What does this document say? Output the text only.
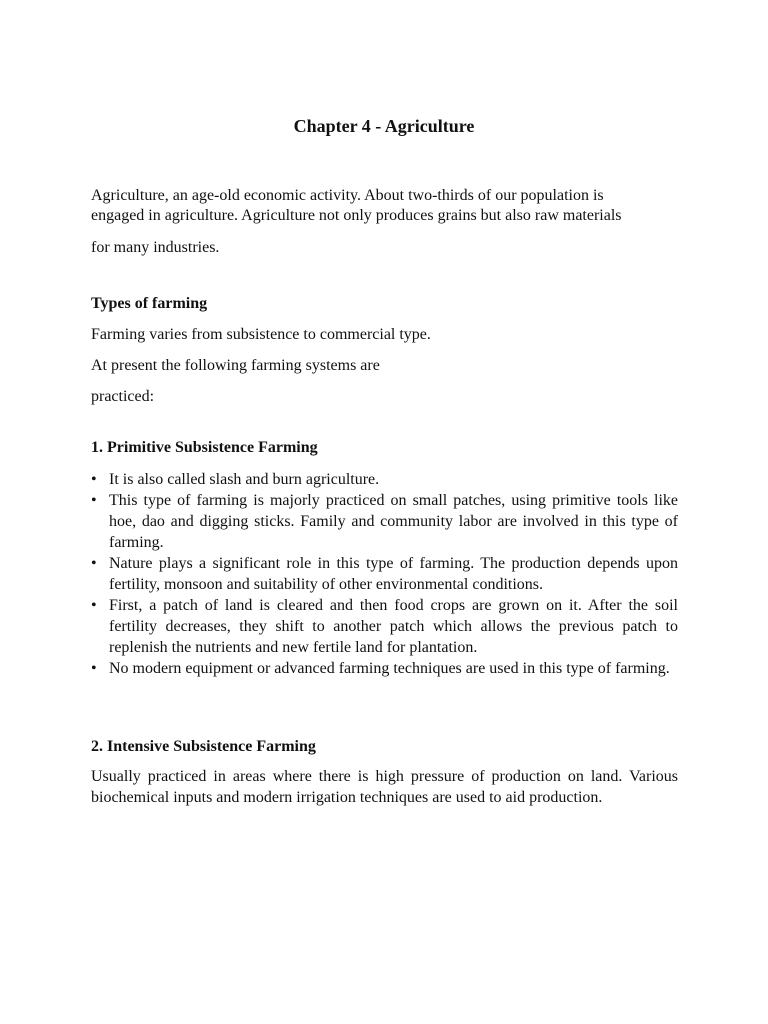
Chapter 4 - Agriculture
Agriculture, an age-old economic activity. About two-thirds of our population is
engaged in agriculture. Agriculture not only produces grains but also raw materials
for many industries.
Types of farming
Farming varies from subsistence to commercial type.
At present the following farming systems are
practiced:
1. Primitive Subsistence Farming
• It is also called slash and burn agriculture.
• This type of farming is majorly practiced on small patches, using primitive tools like hoe, dao and digging sticks. Family and community labor are involved in this type of farming.
• Nature plays a significant role in this type of farming. The production depends upon fertility, monsoon and suitability of other environmental conditions.
• First, a patch of land is cleared and then food crops are grown on it. After the soil fertility decreases, they shift to another patch which allows the previous patch to replenish the nutrients and new fertile land for plantation.
• No modern equipment or advanced farming techniques are used in this type of farming.
2. Intensive Subsistence Farming
Usually practiced in areas where there is high pressure of production on land. Various biochemical inputs and modern irrigation techniques are used to aid production.
